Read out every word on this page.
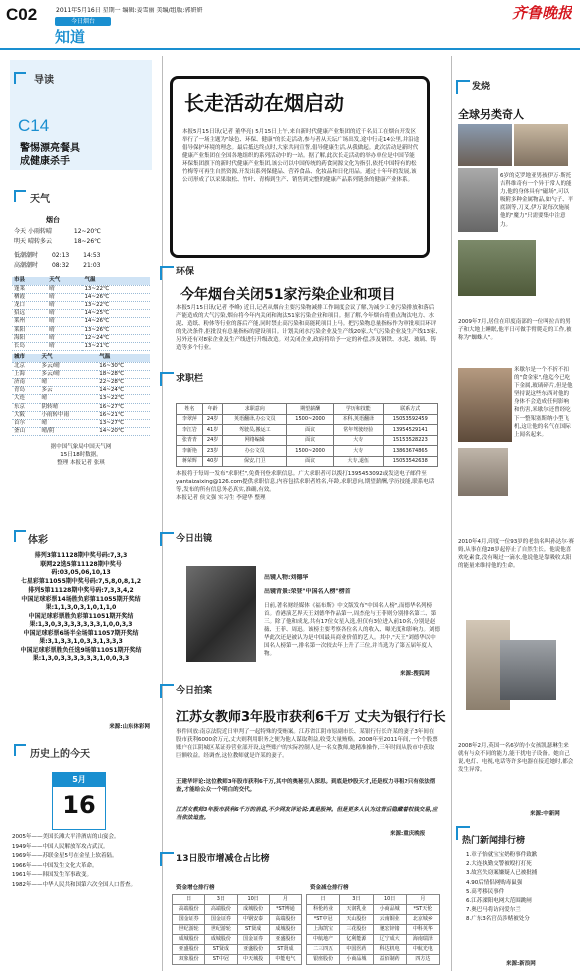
C02	2011年5月16日 星期一 编辑:姜雪丽 美编/组版:郭妍妍
今日烟台
知道
齐鲁晚报
导读
C14
警惕漂亮餐具
成健康杀手
天气
烟台
今天 小雨转晴	12~20℃
明天 晴转多云	18~26℃
低潮潮时 02:13 14:53
高潮潮时 08:32 21:03
市县	天气	气温
蓬莱	晴	13~22℃
栖霞	晴	14~26℃
龙口	晴	13~22℃
招远	晴	14~25℃
莱州	晴	14~26℃
莱阳	晴	13~26℃
海阳	晴	12~24℃
长岛	晴	13~21℃
城市	天气	气温
北京	多云/晴	16~30℃
上海	多云/晴	18~28℃
济南	晴	22~28℃
青岛	多云	14~24℃
大连	晴	13~22℃
东京	阴转晴	16~27℃
大阪	小雨转中雨	16~21℃
首尔	晴	13~27℃
釜山	晴/阴	14~20℃
据中国气象局中国天气网
15日18时数据。
整理 本报记者 张琪
体彩
排列3第11128期中奖号码:7,3,3
联网22选5第11128期中奖号码:03,05,06,10,13
七星彩第11055期中奖号码:7,5,8,0,8,1,2
排列5第11128期中奖号码:7,3,3,4,2
中国足球彩票14场胜负彩第11055期开奖结果:1,1,3,0,3,1,0,1,1,0
中国足球彩票胜负彩第11051期开奖结果:1,3,0,3,3,3,3,3,3,3,1,0,0,3,3
中国足球彩票6场半全场第11057期开奖结果:3,1,3,3,1,0,3,3,1,3,3,3
中国足球彩票胜负任选9场第11051期开奖结果:1,3,0,3,3,3,3,3,3,1,0,0,3,3
来源:山东体彩网
历史上的今天
5月
16
2005年——美国长滩大平洋酒店的山宴会。
1949年——中国人民解放军攻占武汉。
1969年——苏联金星5号在金星上软着陆。
1966年——中国发生文化大革命。
1961年——韩国发生军事政变。
1982年——中华人民共和国第六次全国人口普查。
长走活动在烟启动
本报5月15日讯(记者 董华亮) 5月15日上午,来自新时代健康产业集团的近千名员工在烟台开发区举行了一场主题为"绿色、环保、健康"的长走活动,参与者从天坛广场出发,途中行走14公里,并沿途倡导保护环境的理念。最后抵达终点时,大家共同宣誓,倡导健康生活,从我做起。此次活动是新时代健康产业集团在全国各地组织的系列活动中的一站。据了解,此次长走活动的举办单位是中国节能环保集团旗下的新时代健康产业集团,该公司以中国传统的药食同源文化为指引,依托中国特有的松竹梅等可再生自然资源,开发出系列保健品、营养食品、化妆品和日化用品。通过十年年的发展,该公司形成了以采果取松、竹叶、青梅到生产、销售到完整的健康产品系列链条的健康产业体系。
环保
今年烟台关闭51家污染企业和项目
本报5月15日讯(记者 李峰) 近日,记者从烟台主要污染物减排工作调度会议了解,为减少工业污染排放和落后产能造成的大气污染,烟台将今年内关闭和淘汰51家污染企业和项目。据了解,今年烟台将重点淘汰电力、水泥、造纸、粉体等行业的落后产能,同时禁止高污染和高能耗项目上马。把污染物总量指标作为审批项目环评的先决条件,拒批没有总量指标的建设项目。计划关闭水污染企业及生产线20家,大气污染企业及生产线13家,另外还有对8家企业及生产线进行升级改造。对关闭企业,政府将给予一定的补偿,涉及钢铁、水泥、玻璃、铸造等多个行业。
求职栏
姓名	年龄	求职意向	期望薪酬	学历和技能	联系方式
李翠萍	24岁	英语翻译,办公文员	1500~2000	本科,英语翻译	15053592459
李江岩	41岁	驾驶员,搬运工	面议	常年驾驶经验	13954529141
张青青	24岁	网络编辑	面议	大专	15153528223
李新艳	23岁	办公文员	1500~2000	大专	13863674865
蒋荣辉	40岁	保安,门卫	面议	大专,退伍	15053542638
本报将于每周一发布"求职栏",免费刊登求职信息。广大求职者可以拨打1395453092或发送电子邮件至yantaizaixing@126.com提供求职信息,内容包括求职者姓名,年龄,求职意向,期望薪酬,学历技能,联系电话等,发布的所有信息务必真实,准确,有效。
本报记者 侯文强 实习生 李建华 整理
今日出镜
出镜人物:刘德华
出镜背景:荣登"中国名人榜"榜首
日前,著名财经媒体《福布斯》中文版发布"中国名人榜",而德华名列榜首。香港演艺界天王刘德华作品第一,周杰伦与王菲则分别排名第二、第三。除了他和成龙,共有17位女星入选,但仅有3位进入前10名,分别是赵薇、王菲、周迅。该榜主要考察各位名人的收入、曝光度和影响力。刘德华此次还是被认为是中国最具商业价值的艺人。其中,"天王"刘德华以中国名人榜第一,排名第一次较去年上升了三位,并当选为了第五届年度人物。
来源:搜狐网
今日拍案
江苏女教师3年股市获利6千万 丈夫为银行行长
事件回放:南京法院近日审判了一起特殊的受贿案。江苏省江阴市原副市长、某银行行长许某的妻子3年间在股市获利6000余万元,丈夫则利用职务之便为他人谋取利益,收受大量贿赂。2008年至2011年间,一个个股票账户在江阴城区某证券营业部开设,这些账户的实际控制人是一名女教师,她精准操作,三年时间从股市中获取巨额收益。经调查,这位教师就是许某的妻子。
王建华评论:这位教师3年股市获利6千万,其中的奥秘引人深思。到底是炒股天才,还是权力寻租?只有依法彻查,才能给公众一个明白的交代。
江苏女教师3年股市获利6千万的消息,不少网友评论说:真是股神。但是更多人认为这背后隐藏着权钱交易,应当依法追查。
来源:重庆晚报
13日股市增减仓占比榜
资金增仓排行榜
日	3日	10日	月
高端股份	高端股份	成城股份	*ST博通
国金证券	国金证券	中钢安泰	高端股份
世纪游轮	世纪游轮	ST贤成	成城股份
成城股份	成城股份	国金证券	亚盛股份
亚盛股份	ST贤成	亚盛股份	ST贤成
双象股份	ST中冠	中天城投	中能电气
资金减仓排行榜
日	3日	10日	月
科伦药业	天润乳业	小商品城	*ST天伦
*ST中冠	天山股份	云南铜业	北京城乡
上海凯宝	三花股份	驰宏锌锗	中科英华
中航地产	亿利能源	辽宁成大	海南瑞泽
二三四五	中国医药	科达机电	中航光电
银座股份	小商品城	益佰制药	四方达
发烧
全球另类奇人
6岁的克罗地亚男孩伊万·斯托吉科维奇有一个异于常人的能力,他的身体具有"磁场",可以吸附多种金属物品,如勺子、平底锅等,刀叉,伊万说每次施展他的"魔力"只需要集中注意力。
2009年7月,居住在印度南部的一位叫拉吉的男子和大地上睡眠,他平日可做手臂爬走的工作,被称为"蜘蛛人"。
米歇尔是一个不折不扣的"食金家",他迄今已吃下金属,玻璃碎片,但是他坚持说这些东西对他的身体不会造成任何影响和伤害,米歇尔还曾经吃下一整架塞斯纳小型飞机,这让他的名气在国际上闻名起来。
2010年4月,印度一位93岁的老翁名叫孙达尔·赛姆,从事在他28岁起停止了自然生长。他说他喜欢吃素食,没有喝过一滴水,他说他是靠吸收太阳的能量来维持他的生命。
2008年2月,英国一名6岁的小女孩凯瑟琳生来就有与众不同的能力,能干扰电子设备。她自己说,电灯、电视,电话等许多电器在接近她时,都会发生异常。
来源:中新网
热门新闻排行榜
1.章子怡就宝宝奶粉事件致歉
2.大连执勤交警被殴打打死
3.故宫失窃案嫌疑人已被批捕
4.90后情侣网购毒鼠强
5.高考移民事件
6.江苏溧阳电网大范围跳闸
7.奥巴马将访问爱尔兰
8.广东3名官员涉赌被处分
来源:新浪网
